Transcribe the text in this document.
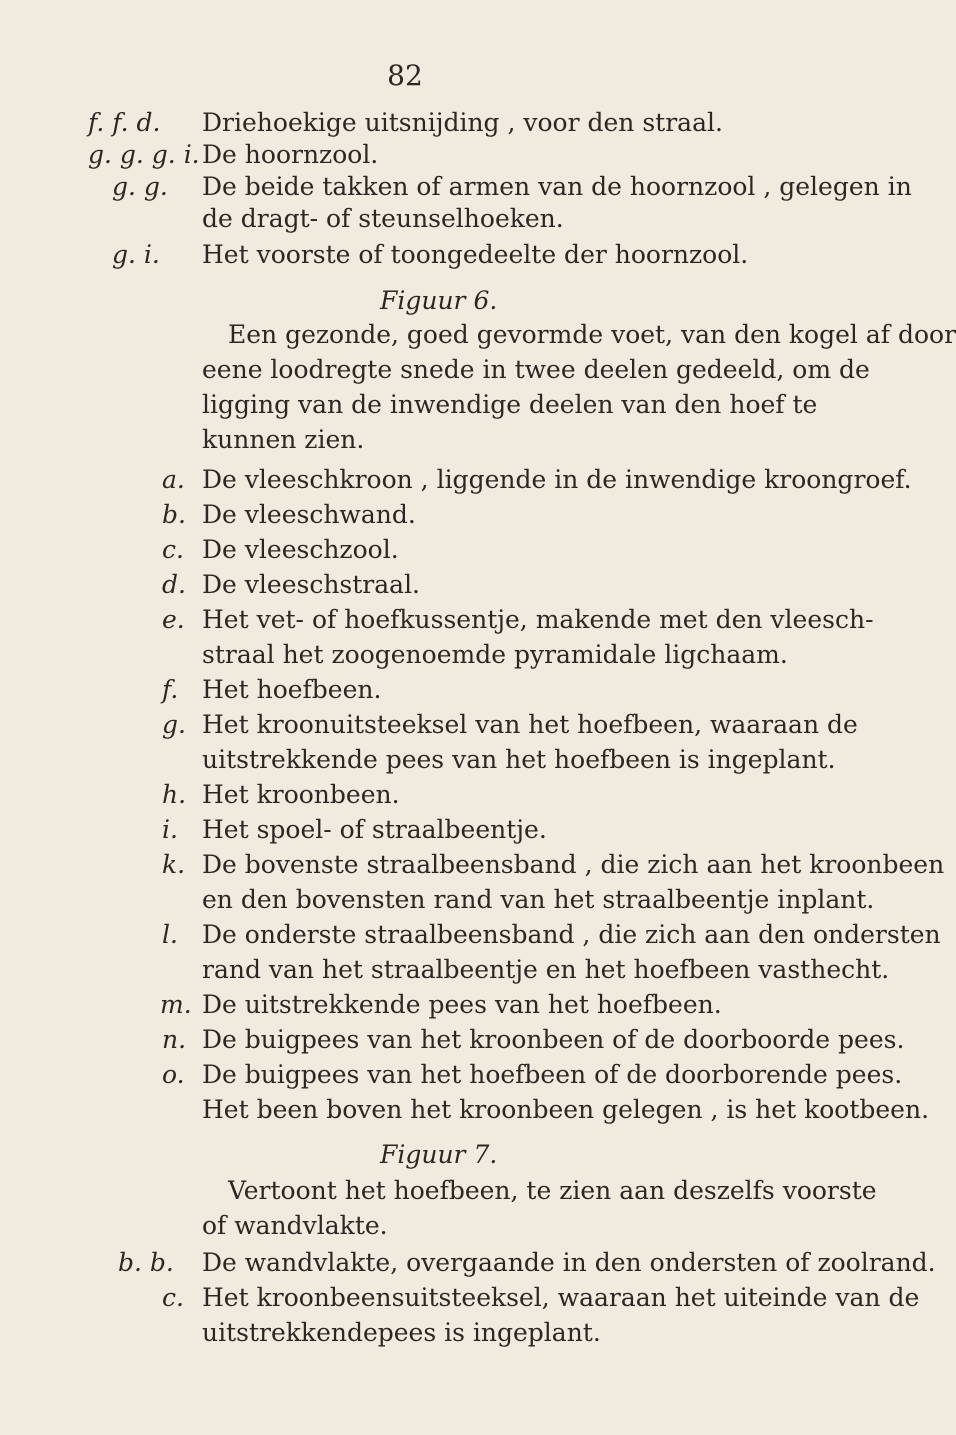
82
f. f. d. Driehoekige uitsnijding , voor den straal.
g. g. g. i. De hoornzool.
g. g. De beide takken of armen van de hoornzool , gelegen in
de dragt- of steunselhoeken.
g. i. Het voorste of toongedeelte der hoornzool.
Figuur 6.
Een gezonde, goed gevormde voet, van den kogel af door
eene loodregte snede in twee deelen gedeeld, om de
ligging van de inwendige deelen van den hoef te
kunnen zien.
a. De vleeschkroon , liggende in de inwendige kroongroef.
b. De vleeschwand.
c. De vleeschzool.
d. De vleeschstraal.
e. Het vet- of hoefkussentje, makende met den vleesch-
straal het zoogenoemde pyramidale ligchaam.
f. Het hoefbeen.
g. Het kroonuitsteeksel van het hoefbeen, waaraan de
uitstrekkende pees van het hoefbeen is ingeplant.
h. Het kroonbeen.
i. Het spoel- of straalbeentje.
k. De bovenste straalbeensband , die zich aan het kroonbeen
en den bovensten rand van het straalbeentje inplant.
l. De onderste straalbeensband , die zich aan den ondersten
rand van het straalbeentje en het hoefbeen vasthecht.
m. De uitstrekkende pees van het hoefbeen.
n. De buigpees van het kroonbeen of de doorboorde pees.
o. De buigpees van het hoefbeen of de doorborende pees.
Het been boven het kroonbeen gelegen , is het kootbeen.
Figuur 7.
Vertoont het hoefbeen, te zien aan deszelfs voorste
of wandvlakte.
b. b. De wandvlakte, overgaande in den ondersten of zoolrand.
c. Het kroonbeensuitsteeksel, waaraan het uiteinde van de
uitstrekkendepees is ingeplant.
